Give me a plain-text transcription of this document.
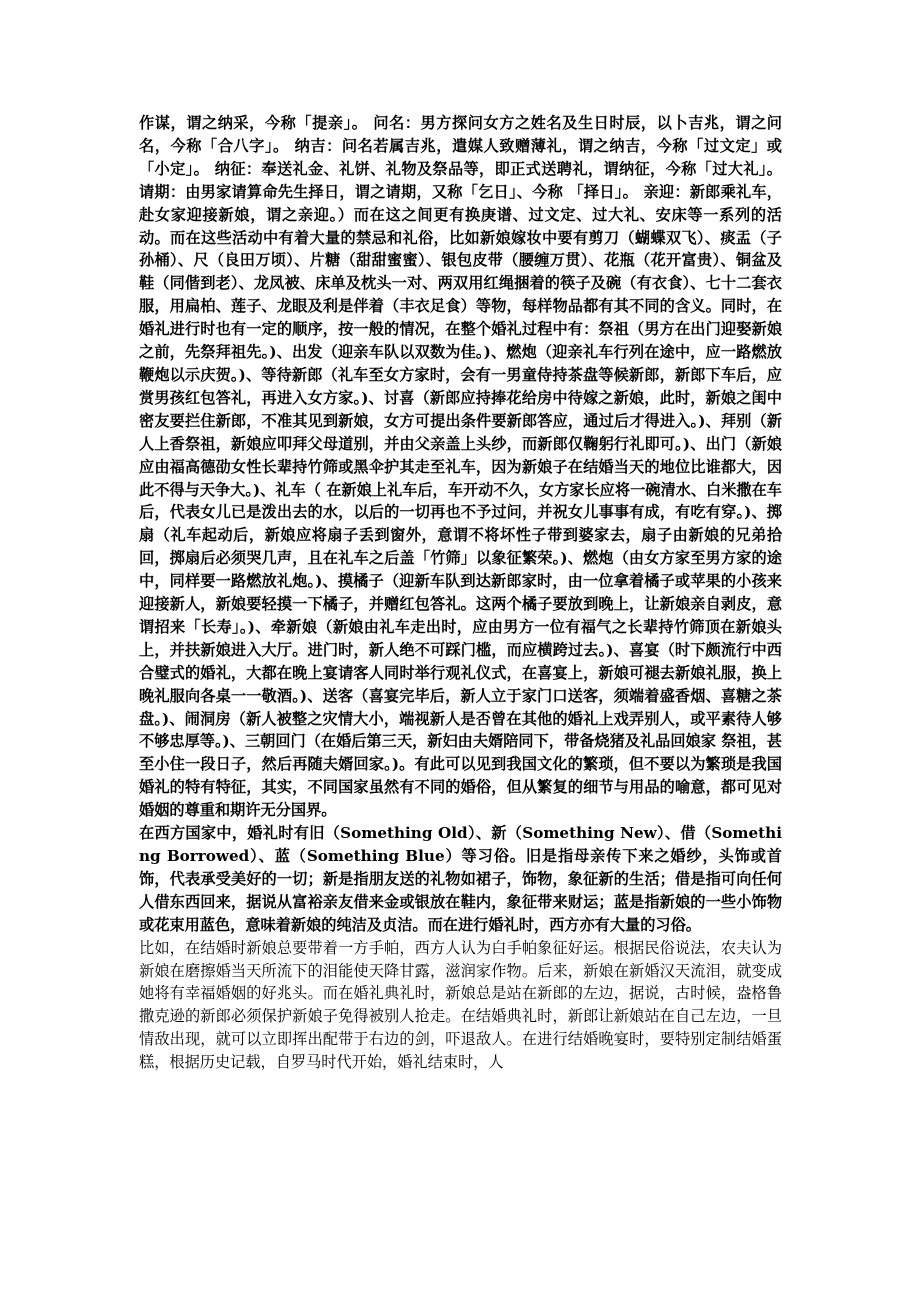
作谋，谓之纳采，今称「提亲」。 问名：男方探问女方之姓名及生日时辰，以卜吉兆，谓之问名，今称「合八字」。 纳吉：问名若属吉兆，遣媒人致赠薄礼，谓之纳吉，今称「过文定」或「小定」。 纳征：奉送礼金、礼饼、礼物及祭品等，即正式送聘礼，谓纳征，今称「过大礼」。 请期：由男家请算命先生择日，谓之请期，又称「乞日」、今称 「择日」。 亲迎：新郎乘礼车，赴女家迎接新娘，谓之亲迎。）而在这之间更有换庚谱、过文定、过大礼、安床等一系列的活动。而在这些活动中有着大量的禁忌和礼俗，比如新娘嫁妆中要有剪刀（蝴蝶双飞）、痰盂（子孙桶）、尺（良田万顷）、片糖（甜甜蜜蜜）、银包皮带（腰缠万贯）、花瓶（花开富贵）、铜盆及鞋（同偕到老）、龙凤被、床单及枕头一对、两双用红绳捆着的筷子及碗（有衣食）、七十二套衣服，用扁柏、莲子、龙眼及利是伴着（丰衣足食）等物，每样物品都有其不同的含义。同时，在婚礼进行时也有一定的顺序，按一般的情况，在整个婚礼过程中有：祭祖（男方在出门迎娶新娘之前，先祭拜祖先。)、出发（迎亲车队以双数为佳。)、燃炮（迎亲礼车行列在途中，应一路燃放鞭炮以示庆贺。)、等待新郎（礼车至女方家时，会有一男童侍持茶盘等候新郎，新郎下车后，应赏男孩红包答礼，再进入女方家。)、讨喜（新郎应持捧花给房中待嫁之新娘，此时，新娘之闺中密友要拦住新郎，不准其见到新娘，女方可提出条件要新郎答应，通过后才得进入。)、拜别（新人上香祭祖，新娘应叩拜父母道别，并由父亲盖上头纱，而新郎仅鞠躬行礼即可。)、出门（新娘应由福高德劭女性长辈持竹筛或黑伞护其走至礼车，因为新娘子在结婚当天的地位比谁都大，因此不得与天争大。)、礼车（ 在新娘上礼车后，车开动不久，女方家长应将一碗清水、白米撒在车后，代表女儿已是泼出去的水，以后的一切再也不予过问，并祝女儿事事有成，有吃有穿。)、掷扇（礼车起动后，新娘应将扇子丢到窗外，意谓不将坏性子带到婆家去，扇子由新娘的兄弟拾回，掷扇后必须哭几声，且在礼车之后盖「竹筛」以象征繁荣。)、燃炮（由女方家至男方家的途中，同样要一路燃放礼炮。)、摸橘子（迎新车队到达新郎家时，由一位拿着橘子或苹果的小孩来迎接新人，新娘要轻摸一下橘子，并赠红包答礼。这两个橘子要放到晚上，让新娘亲自剥皮，意谓招来「长寿」。)、牵新娘（新娘由礼车走出时，应由男方一位有福气之长辈持竹筛顶在新娘头上，并扶新娘进入大厅。进门时，新人绝不可踩门槛，而应横跨过去。)、喜宴（时下颇流行中西合璧式的婚礼，大都在晚上宴请客人同时举行观礼仪式，在喜宴上，新娘可褪去新娘礼服，换上晚礼服向各桌一一敬酒。)、送客（喜宴完毕后，新人立于家门口送客，须端着盛香烟、喜糖之茶盘。)、闹洞房（新人被整之灾情大小，端视新人是否曾在其他的婚礼上戏弄别人，或平素待人够不够忠厚等。)、三朝回门（在婚后第三天，新妇由夫婿陪同下，带备烧猪及礼品回娘家 祭祖，甚至小住一段日子，然后再随夫婿回家。)。有此可以见到我国文化的繁琐，但不要以为繁琐是我国婚礼的特有特征，其实，不同国家虽然有不同的婚俗，但从繁复的细节与用品的喻意，都可见对婚姻的尊重和期许无分国界。

在西方国家中，婚礼时有旧（Something Old）、新（Something New）、借（Something Borrowed）、蓝（Something Blue）等习俗。旧是指母亲传下来之婚纱，头饰或首饰，代表承受美好的一切；新是指朋友送的礼物如裙子，饰物，象征新的生活；借是指可向任何人借东西回来，据说从富裕亲友借来金或银放在鞋内，象征带来财运；蓝是指新娘的一些小饰物或花束用蓝色，意味着新娘的纯洁及贞洁。而在进行婚礼时，西方亦有大量的习俗。

比如，在结婚时新娘总要带着一方手帕，西方人认为白手帕象征好运。根据民俗说法，农夫认为新娘在磨擦婚当天所流下的泪能使天降甘露，滋润家作物。后来，新娘在新婚汉天流泪，就变成她将有幸福婚姻的好兆头。而在婚礼典礼时，新娘总是站在新郎的左边，据说，古时候，盎格鲁撒克逊的新郎必须保护新娘子免得被别人抢走。在结婚典礼时，新郎让新娘站在自己左边，一旦情敌出现，就可以立即挥出配带于右边的剑，吓退敌人。在进行结婚晚宴时，要特别定制结婚蛋糕，根据历史记载，自罗马时代开始，婚礼结束时，人
